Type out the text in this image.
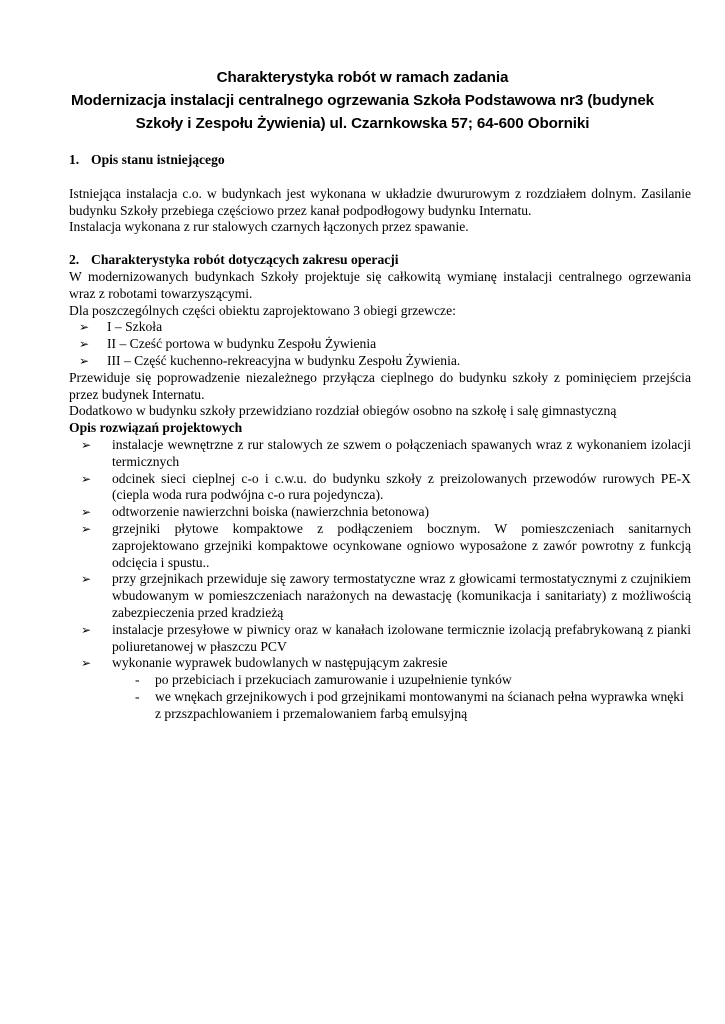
Charakterystyka robót w ramach zadania
Modernizacja instalacji centralnego ogrzewania Szkoła Podstawowa nr3 (budynek
Szkoły i Zespołu Żywienia) ul. Czarnkowska 57; 64-600 Oborniki
1. Opis stanu istniejącego

Istniejąca instalacja c.o. w budynkach jest wykonana w układzie dwururowym z rozdziałem dolnym. Zasilanie budynku Szkoły przebiega częściowo przez kanał podpodłogowy budynku Internatu.

Instalacja wykonana z rur stalowych czarnych łączonych przez spawanie.

2. Charakterystyka robót dotyczących zakresu operacji

W modernizowanych budynkach Szkoły projektuje się całkowitą wymianę instalacji centralnego ogrzewania wraz z robotami towarzyszącymi.

Dla poszczególnych części obiektu zaprojektowano 3 obiegi grzewcze:

➢ I – Szkoła
➢ II – Cześć portowa w budynku Zespołu Żywienia
➢ III – Część kuchenno-rekreacyjna w budynku Zespołu Żywienia.

Przewiduje się poprowadzenie niezależnego przyłącza cieplnego do budynku szkoły z pominięciem przejścia przez budynek Internatu.

Dodatkowo w budynku szkoły przewidziano rozdział obiegów osobno na szkołę i salę gimnastyczną

Opis rozwiązań projektowych
➢ instalacje wewnętrzne z rur stalowych ze szwem o połączeniach spawanych wraz z wykonaniem izolacji termicznych
➢ odcinek sieci cieplnej c-o i c.w.u. do budynku szkoły z preizolowanych przewodów rurowych PE-X (ciepla woda rura podwójna c-o rura pojedyncza).
➢ odtworzenie nawierzchni boiska (nawierzchnia betonowa)
➢ grzejniki płytowe kompaktowe z podłączeniem bocznym. W pomieszczeniach sanitarnych zaprojektowano grzejniki kompaktowe ocynkowane ogniowo wyposażone z zawór powrotny z funkcją odcięcia i spustu..
➢ przy grzejnikach przewiduje się zawory termostatyczne wraz z głowicami termostatycznymi z czujnikiem wbudowanym w pomieszczeniach narażonych na dewastację (komunikacja i sanitariaty) z możliwością zabezpieczenia przed kradzieżą
➢ instalacje przesyłowe w piwnicy oraz w kanałach izolowane termicznie izolacją prefabrykowaną z pianki poliuretanowej w płaszczu PCV
➢ wykonanie wyprawek budowlanych w następującym zakresie
- po przebiciach i przekuciach zamurowanie i uzupełnienie tynków
- we wnękach grzejnikowych i pod grzejnikami montowanymi na ścianach pełna wyprawka wnęki z przszpachlowaniem i przemalowaniem farbą emulsyjną
